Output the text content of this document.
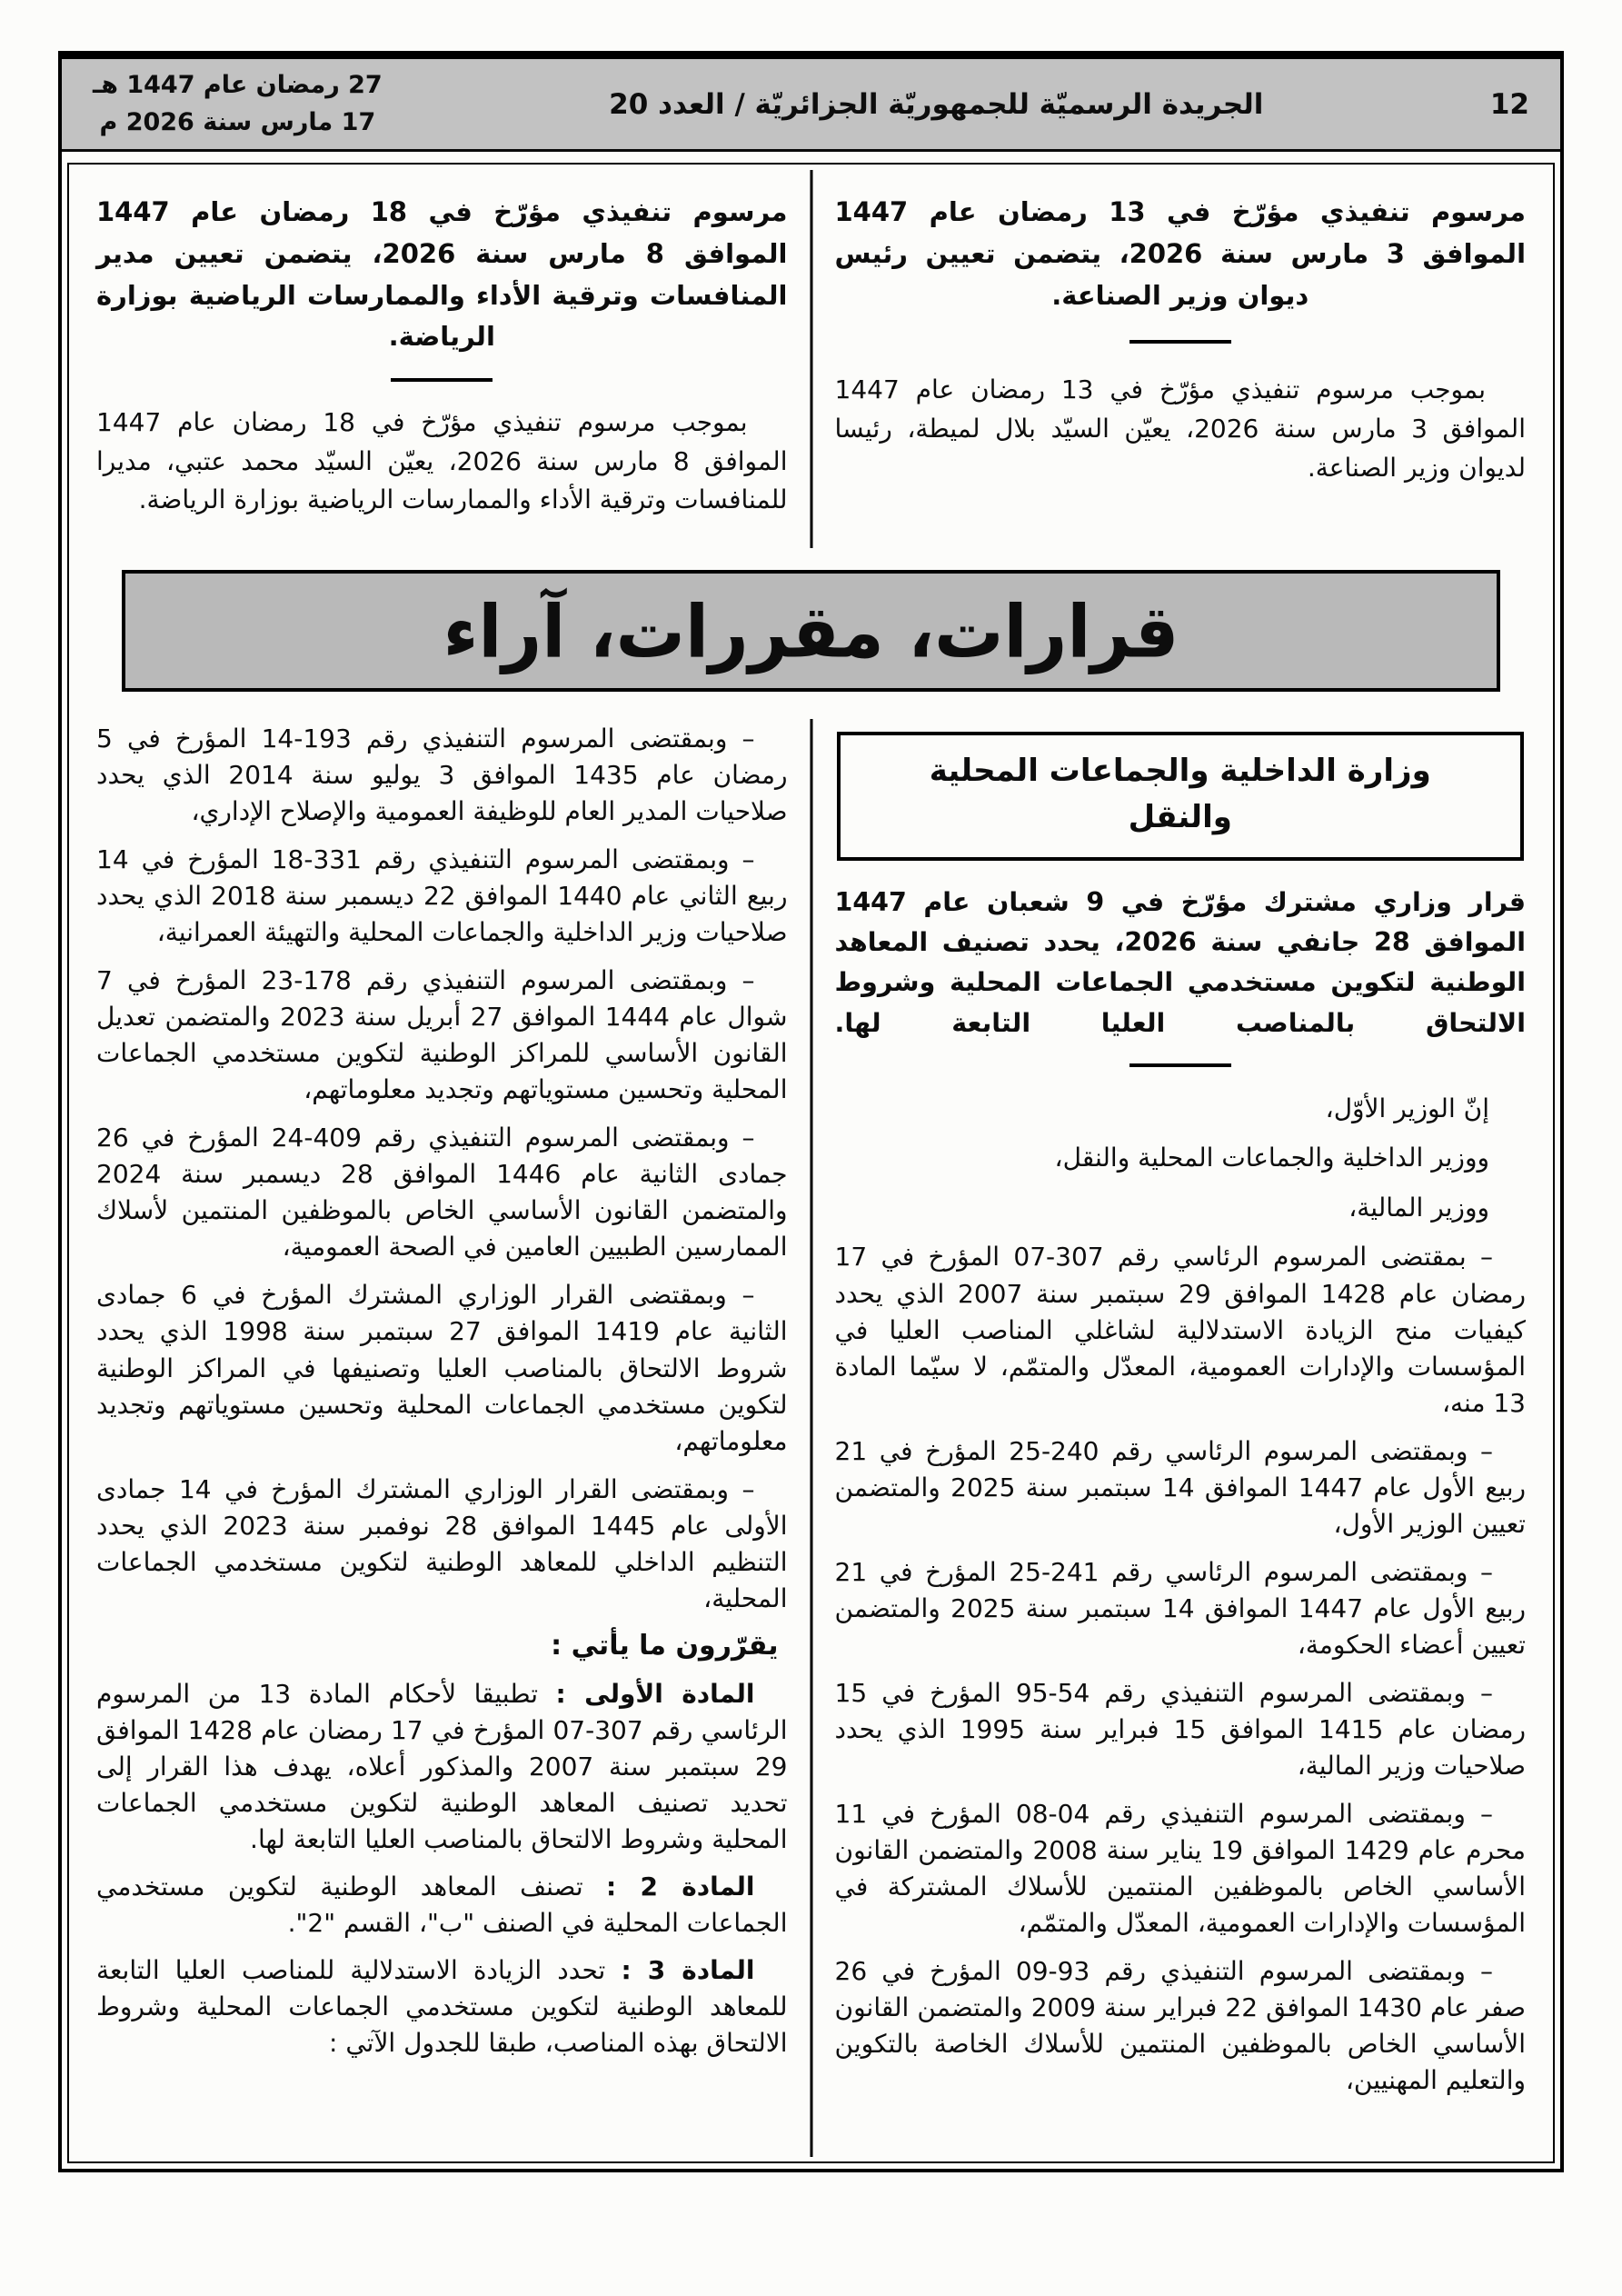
12
الجريدة الرسميّة للجمهوريّة الجزائريّة / العدد 20
27 رمضان عام 1447 هـ
17 مارس سنة 2026 م

مرسوم تنفيذي مؤرّخ في 13 رمضان عام 1447 الموافق 3 مارس سنة 2026، يتضمن تعيين رئيس ديوان وزير الصناعة.

بموجب مرسوم تنفيذي مؤرّخ في 13 رمضان عام 1447 الموافق 3 مارس سنة 2026، يعيّن السيّد بلال لميطة، رئيسا لديوان وزير الصناعة.

مرسوم تنفيذي مؤرّخ في 18 رمضان عام 1447 الموافق 8 مارس سنة 2026، يتضمن تعيين مدير المنافسات وترقية الأداء والممارسات الرياضية بوزارة الرياضة.

بموجب مرسوم تنفيذي مؤرّخ في 18 رمضان عام 1447 الموافق 8 مارس سنة 2026، يعيّن السيّد محمد عتبي، مديرا للمنافسات وترقية الأداء والممارسات الرياضية بوزارة الرياضة.

قرارات، مقررات، آراء
وزارة الداخلية والجماعات المحلية
والنقل

قرار وزاري مشترك مؤرّخ في 9 شعبان عام 1447 الموافق 28 جانفي سنة 2026، يحدد تصنيف المعاهد الوطنية لتكوين مستخدمي الجماعات المحلية وشروط الالتحاق بالمناصب العليا التابعة لها.

إنّ الوزير الأوّل،

ووزير الداخلية والجماعات المحلية والنقل،

ووزير المالية،

– بمقتضى المرسوم الرئاسي رقم 307-07 المؤرخ في 17 رمضان عام 1428 الموافق 29 سبتمبر سنة 2007 الذي يحدد كيفيات منح الزيادة الاستدلالية لشاغلي المناصب العليا في المؤسسات والإدارات العمومية، المعدّل والمتمّم، لا سيّما المادة 13 منه،

– وبمقتضى المرسوم الرئاسي رقم 240-25 المؤرخ في 21 ربيع الأول عام 1447 الموافق 14 سبتمبر سنة 2025 والمتضمن تعيين الوزير الأول،

– وبمقتضى المرسوم الرئاسي رقم 241-25 المؤرخ في 21 ربيع الأول عام 1447 الموافق 14 سبتمبر سنة 2025 والمتضمن تعيين أعضاء الحكومة،

– وبمقتضى المرسوم التنفيذي رقم 54-95 المؤرخ في 15 رمضان عام 1415 الموافق 15 فبراير سنة 1995 الذي يحدد صلاحيات وزير المالية،

– وبمقتضى المرسوم التنفيذي رقم 04-08 المؤرخ في 11 محرم عام 1429 الموافق 19 يناير سنة 2008 والمتضمن القانون الأساسي الخاص بالموظفين المنتمين للأسلاك المشتركة في المؤسسات والإدارات العمومية، المعدّل والمتمّم،

– وبمقتضى المرسوم التنفيذي رقم 93-09 المؤرخ في 26 صفر عام 1430 الموافق 22 فبراير سنة 2009 والمتضمن القانون الأساسي الخاص بالموظفين المنتمين للأسلاك الخاصة بالتكوين والتعليم المهنيين،

– وبمقتضى المرسوم التنفيذي رقم 193-14 المؤرخ في 5 رمضان عام 1435 الموافق 3 يوليو سنة 2014 الذي يحدد صلاحيات المدير العام للوظيفة العمومية والإصلاح الإداري،

– وبمقتضى المرسوم التنفيذي رقم 331-18 المؤرخ في 14 ربيع الثاني عام 1440 الموافق 22 ديسمبر سنة 2018 الذي يحدد صلاحيات وزير الداخلية والجماعات المحلية والتهيئة العمرانية،

– وبمقتضى المرسوم التنفيذي رقم 178-23 المؤرخ في 7 شوال عام 1444 الموافق 27 أبريل سنة 2023 والمتضمن تعديل القانون الأساسي للمراكز الوطنية لتكوين مستخدمي الجماعات المحلية وتحسين مستوياتهم وتجديد معلوماتهم،

– وبمقتضى المرسوم التنفيذي رقم 409-24 المؤرخ في 26 جمادى الثانية عام 1446 الموافق 28 ديسمبر سنة 2024 والمتضمن القانون الأساسي الخاص بالموظفين المنتمين لأسلاك الممارسين الطبيين العامين في الصحة العمومية،

– وبمقتضى القرار الوزاري المشترك المؤرخ في 6 جمادى الثانية عام 1419 الموافق 27 سبتمبر سنة 1998 الذي يحدد شروط الالتحاق بالمناصب العليا وتصنيفها في المراكز الوطنية لتكوين مستخدمي الجماعات المحلية وتحسين مستوياتهم وتجديد معلوماتهم،

– وبمقتضى القرار الوزاري المشترك المؤرخ في 14 جمادى الأولى عام 1445 الموافق 28 نوفمبر سنة 2023 الذي يحدد التنظيم الداخلي للمعاهد الوطنية لتكوين مستخدمي الجماعات المحلية،

يقرّرون ما يأتي :

المادة الأولى : تطبيقا لأحكام المادة 13 من المرسوم الرئاسي رقم 307-07 المؤرخ في 17 رمضان عام 1428 الموافق 29 سبتمبر سنة 2007 والمذكور أعلاه، يهدف هذا القرار إلى تحديد تصنيف المعاهد الوطنية لتكوين مستخدمي الجماعات المحلية وشروط الالتحاق بالمناصب العليا التابعة لها.

المادة 2 : تصنف المعاهد الوطنية لتكوين مستخدمي الجماعات المحلية في الصنف "ب"، القسم "2".

المادة 3 : تحدد الزيادة الاستدلالية للمناصب العليا التابعة للمعاهد الوطنية لتكوين مستخدمي الجماعات المحلية وشروط الالتحاق بهذه المناصب، طبقا للجدول الآتي :
